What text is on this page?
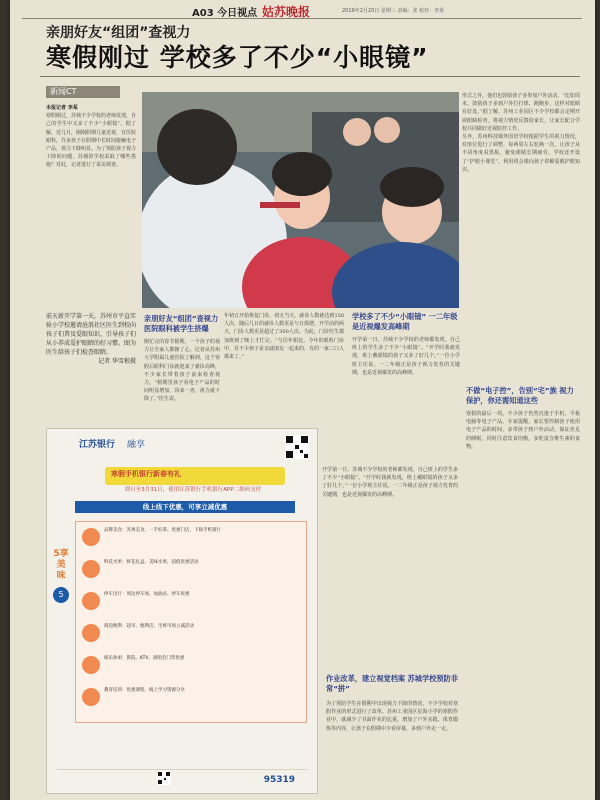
A03 今日视点 姑苏晚报	2019年2月20日 星期三 责编：张 校对：李某
亲朋好友“组团”查视力
寒假刚过 学校多了不少“小眼镜”
新闻CT
本报记者 李某
寒假刚过，苏城不少学校的老师发现，自己的学生中又多了不少“小眼镜”。据了解，近几月，刚刚假期儿童近视，有医院眼科，许多孩子在假期中长时间接触电子产品，视力下降明显。为了预防孩子视力下降的问题，苏城的学校采取了哪些措施？对此，记者进行了采访调查。
形式之外，他们也鼓励孩子多参加户外活动。“比如周末，鼓励孩子多到户外打打球、跑跑步，这样对眼睛有好处。”据了解，苏州工业园区不少学校都会定期开展眼睛检查，将视力情况反馈给家长，让家长配合学校共同做好近视防控工作。
另外，苏州科技城外国语学校根据学生的视力情况，对座位进行了调整，每两周左右轮换一次，让孩子从不同角度看黑板，避免眼睛长期疲劳。学校还开设了“护眼小课堂”，利用班会课向孩子讲解爱眼护眼知识。
前天新开学第一天，苏州市平直实验小学校邀请沧浪社区医生到校向孩子们普及爱眼知识，引导孩子们从小养成爱护眼睛的好习惯。图为医生给孩子们检查眼睛。
记者 华雪根摄
亲朋好友“组团”查视力 医院眼科被学生挤爆
刚忙完的春节假期，一个孩子的视力让全家人都操了心。记者从苏州大学附属儿童医院了解到，这个寒假后眼科门诊就迎来了就诊高峰，不少家长带着孩子前来检查视力。“假期里孩子看电子产品的时间明显增加，回来一查，视力就下降了。”医生说。
年初五开始恢复门诊，初五当天，就诊人数就达到150人次，随后几日的就诊人数更是与日俱增。开学前的两天，门诊人数更是超过了300人次。为此，门诊医生都加班到了晚上才忙完。“与往年相比，今年的眼科门诊中，有不少孩子是亲戚朋友一起来的，有的一家三口人都来了。”
学校多了不少“小眼镜” 一二年级是近视爆发高峰期
开学第一日，苏城不少学校的老师都发现，自己班上的学生多了不少“小眼镜”。“开学时我就发现，班上戴眼镜的孩子又多了好几个。”一位小学班主任说。一二年级正是孩子视力发育的关键期，也是近视爆发的高峰期。
不做“电子控”，告别“宅”族 视力保护，你还需知道这些
寒假的最后一周，不少孩子仍然沉迷于手机、平板电脑等电子产品。专家提醒，家长要控制孩子使用电子产品的时间，多带孩子到户外活动，保证充足的睡眠，同时注意饮食均衡，多吃富含维生素的食物。
开学第一日，苏城不少学校的老师都发现，自己班上的学生多了不少“小眼镜”。“开学时我就发现，班上戴眼镜的孩子又多了好几个。”一位小学班主任说。一二年级正是孩子视力发育的关键期，也是近视爆发的高峰期。
作业改革，建立视觉档案 苏城学校预防非常“拼”
为了预防学生在假期中出现视力下降的情况，不少学校对寒假作业的形式进行了改革。苏州工业园区星海小学的寒假作业中，就减少了书面作业的比重，增加了户外实践、体育锻炼等内容，让孩子在假期中少看屏幕，多到户外走一走。
江苏银行 融享
寒假手机银行新春有礼
即日至3月31日，使用江苏银行手机银行APP二维码支付
线上线下优惠，可享立减优惠
5享美味
5
品牌美食：苏州美食、一手好茶、优惠门店，下载手机银行
鲜花水果：鲜花礼盒、美味水果，超值优惠活动
停车出行：周边停车场、加油站、停车优惠
商超便利：超市、便利店、生鲜市场立减活动
娱乐休闲：影院、KTV、演唱会门票优惠
教育培训：优惠课程、线上学习资源分享
95319
